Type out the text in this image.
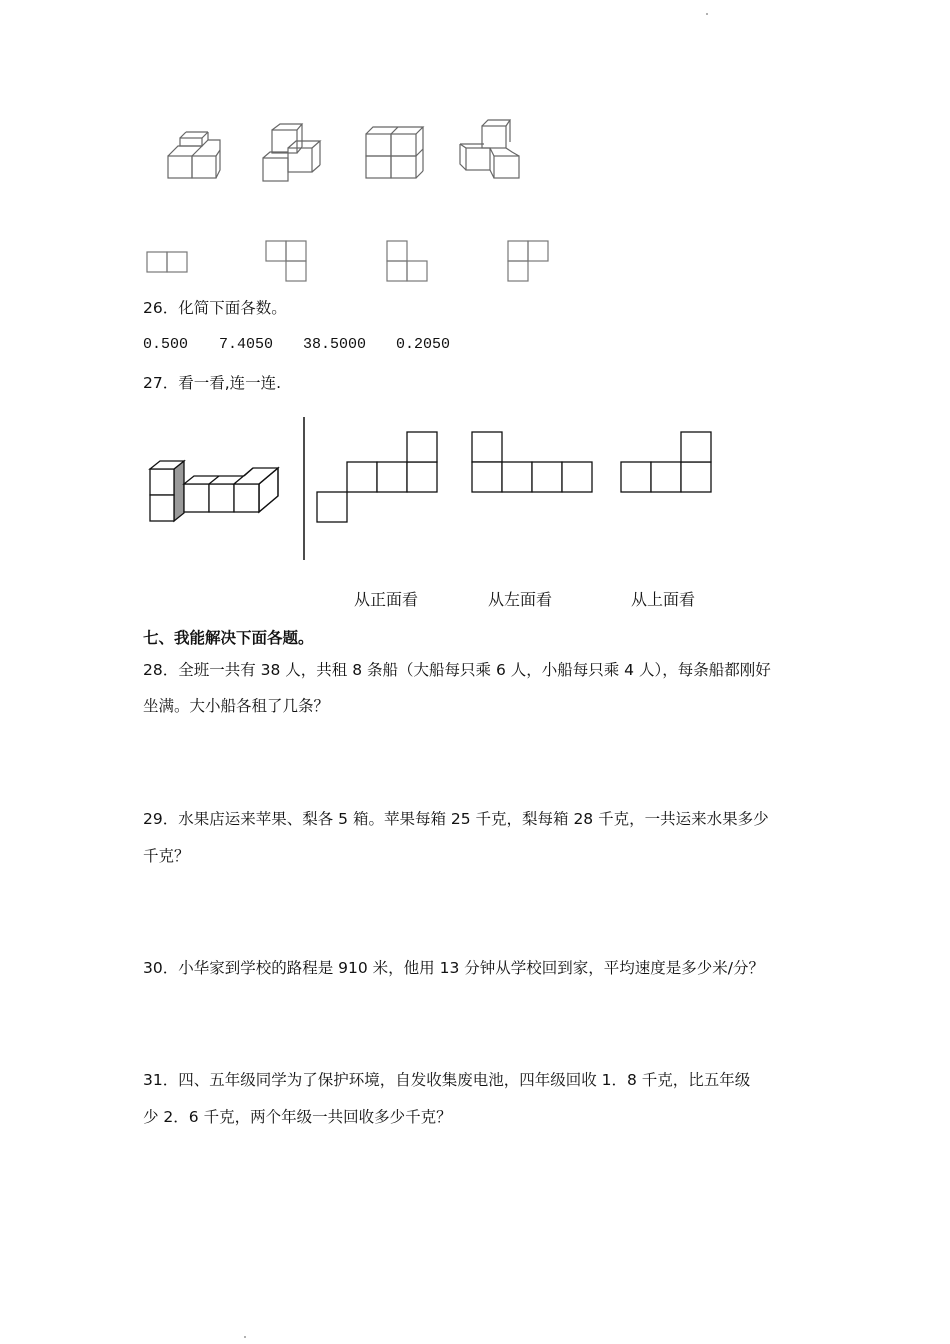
26．化简下面各数。
0.500 7.4050 38.5000 0.2050
27．看一看,连一连.
从正面看	从左面看	从上面看
七、我能解决下面各题。
28．全班一共有 38 人，共租 8 条船（大船每只乘 6 人，小船每只乘 4 人），每条船都刚好
坐满。大小船各租了几条？
29．水果店运来苹果、梨各 5 箱。苹果每箱 25 千克，梨每箱 28 千克，一共运来水果多少
千克？
30．小华家到学校的路程是 910 米，他用 13 分钟从学校回到家，平均速度是多少米/分？
31．四、五年级同学为了保护环境，自发收集废电池，四年级回收 1．8 千克，比五年级
少 2．6 千克，两个年级一共回收多少千克？
